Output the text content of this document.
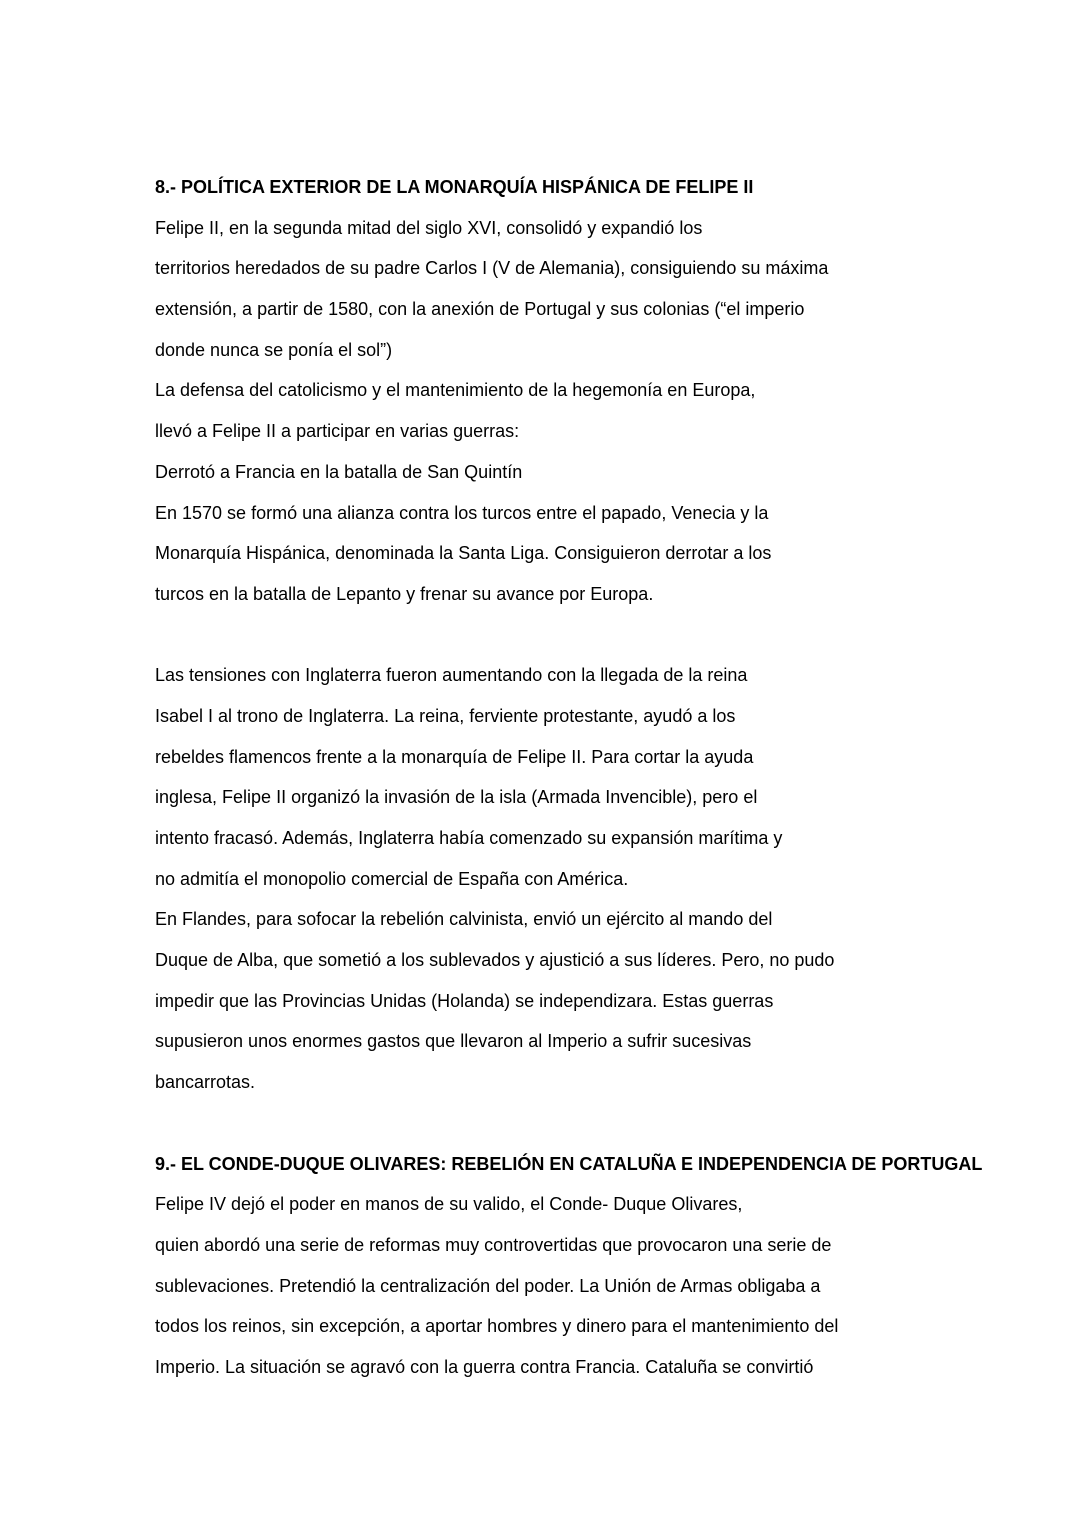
8.- POLÍTICA EXTERIOR DE LA MONARQUÍA HISPÁNICA DE FELIPE II
Felipe II, en la segunda mitad del siglo XVI, consolidó y expandió los
territorios heredados de su padre Carlos I (V de Alemania), consiguiendo su máxima
extensión, a partir de 1580, con la anexión de Portugal y sus colonias (“el imperio
donde nunca se ponía el sol”)
La defensa del catolicismo y el mantenimiento de la hegemonía en Europa,
llevó a Felipe II a participar en varias guerras:
Derrotó a Francia en la batalla de San Quintín
En 1570 se formó una alianza contra los turcos entre el papado, Venecia y la
Monarquía Hispánica, denominada la Santa Liga. Consiguieron derrotar a los
turcos en la batalla de Lepanto y frenar su avance por Europa.
Las tensiones con Inglaterra fueron aumentando con la llegada de la reina
Isabel I al trono de Inglaterra. La reina, ferviente protestante, ayudó a los
rebeldes flamencos frente a la monarquía de Felipe II. Para cortar la ayuda
inglesa, Felipe II organizó la invasión de la isla (Armada Invencible), pero el
intento fracasó. Además, Inglaterra había comenzado su expansión marítima y
no admitía el monopolio comercial de España con América.
En Flandes, para sofocar la rebelión calvinista, envió un ejército al mando del
Duque de Alba, que sometió a los sublevados y ajustició a sus líderes. Pero, no pudo
impedir que las Provincias Unidas (Holanda) se independizara. Estas guerras
supusieron unos enormes gastos que llevaron al Imperio a sufrir sucesivas
bancarrotas.
9.- EL CONDE-DUQUE OLIVARES: REBELIÓN EN CATALUÑA E INDEPENDENCIA DE PORTUGAL
Felipe IV dejó el poder en manos de su valido, el Conde- Duque Olivares,
quien abordó una serie de reformas muy controvertidas que provocaron una serie de
sublevaciones. Pretendió la centralización del poder. La Unión de Armas obligaba a
todos los reinos, sin excepción, a aportar hombres y dinero para el mantenimiento del
Imperio. La situación se agravó con la guerra contra Francia. Cataluña se convirtió
